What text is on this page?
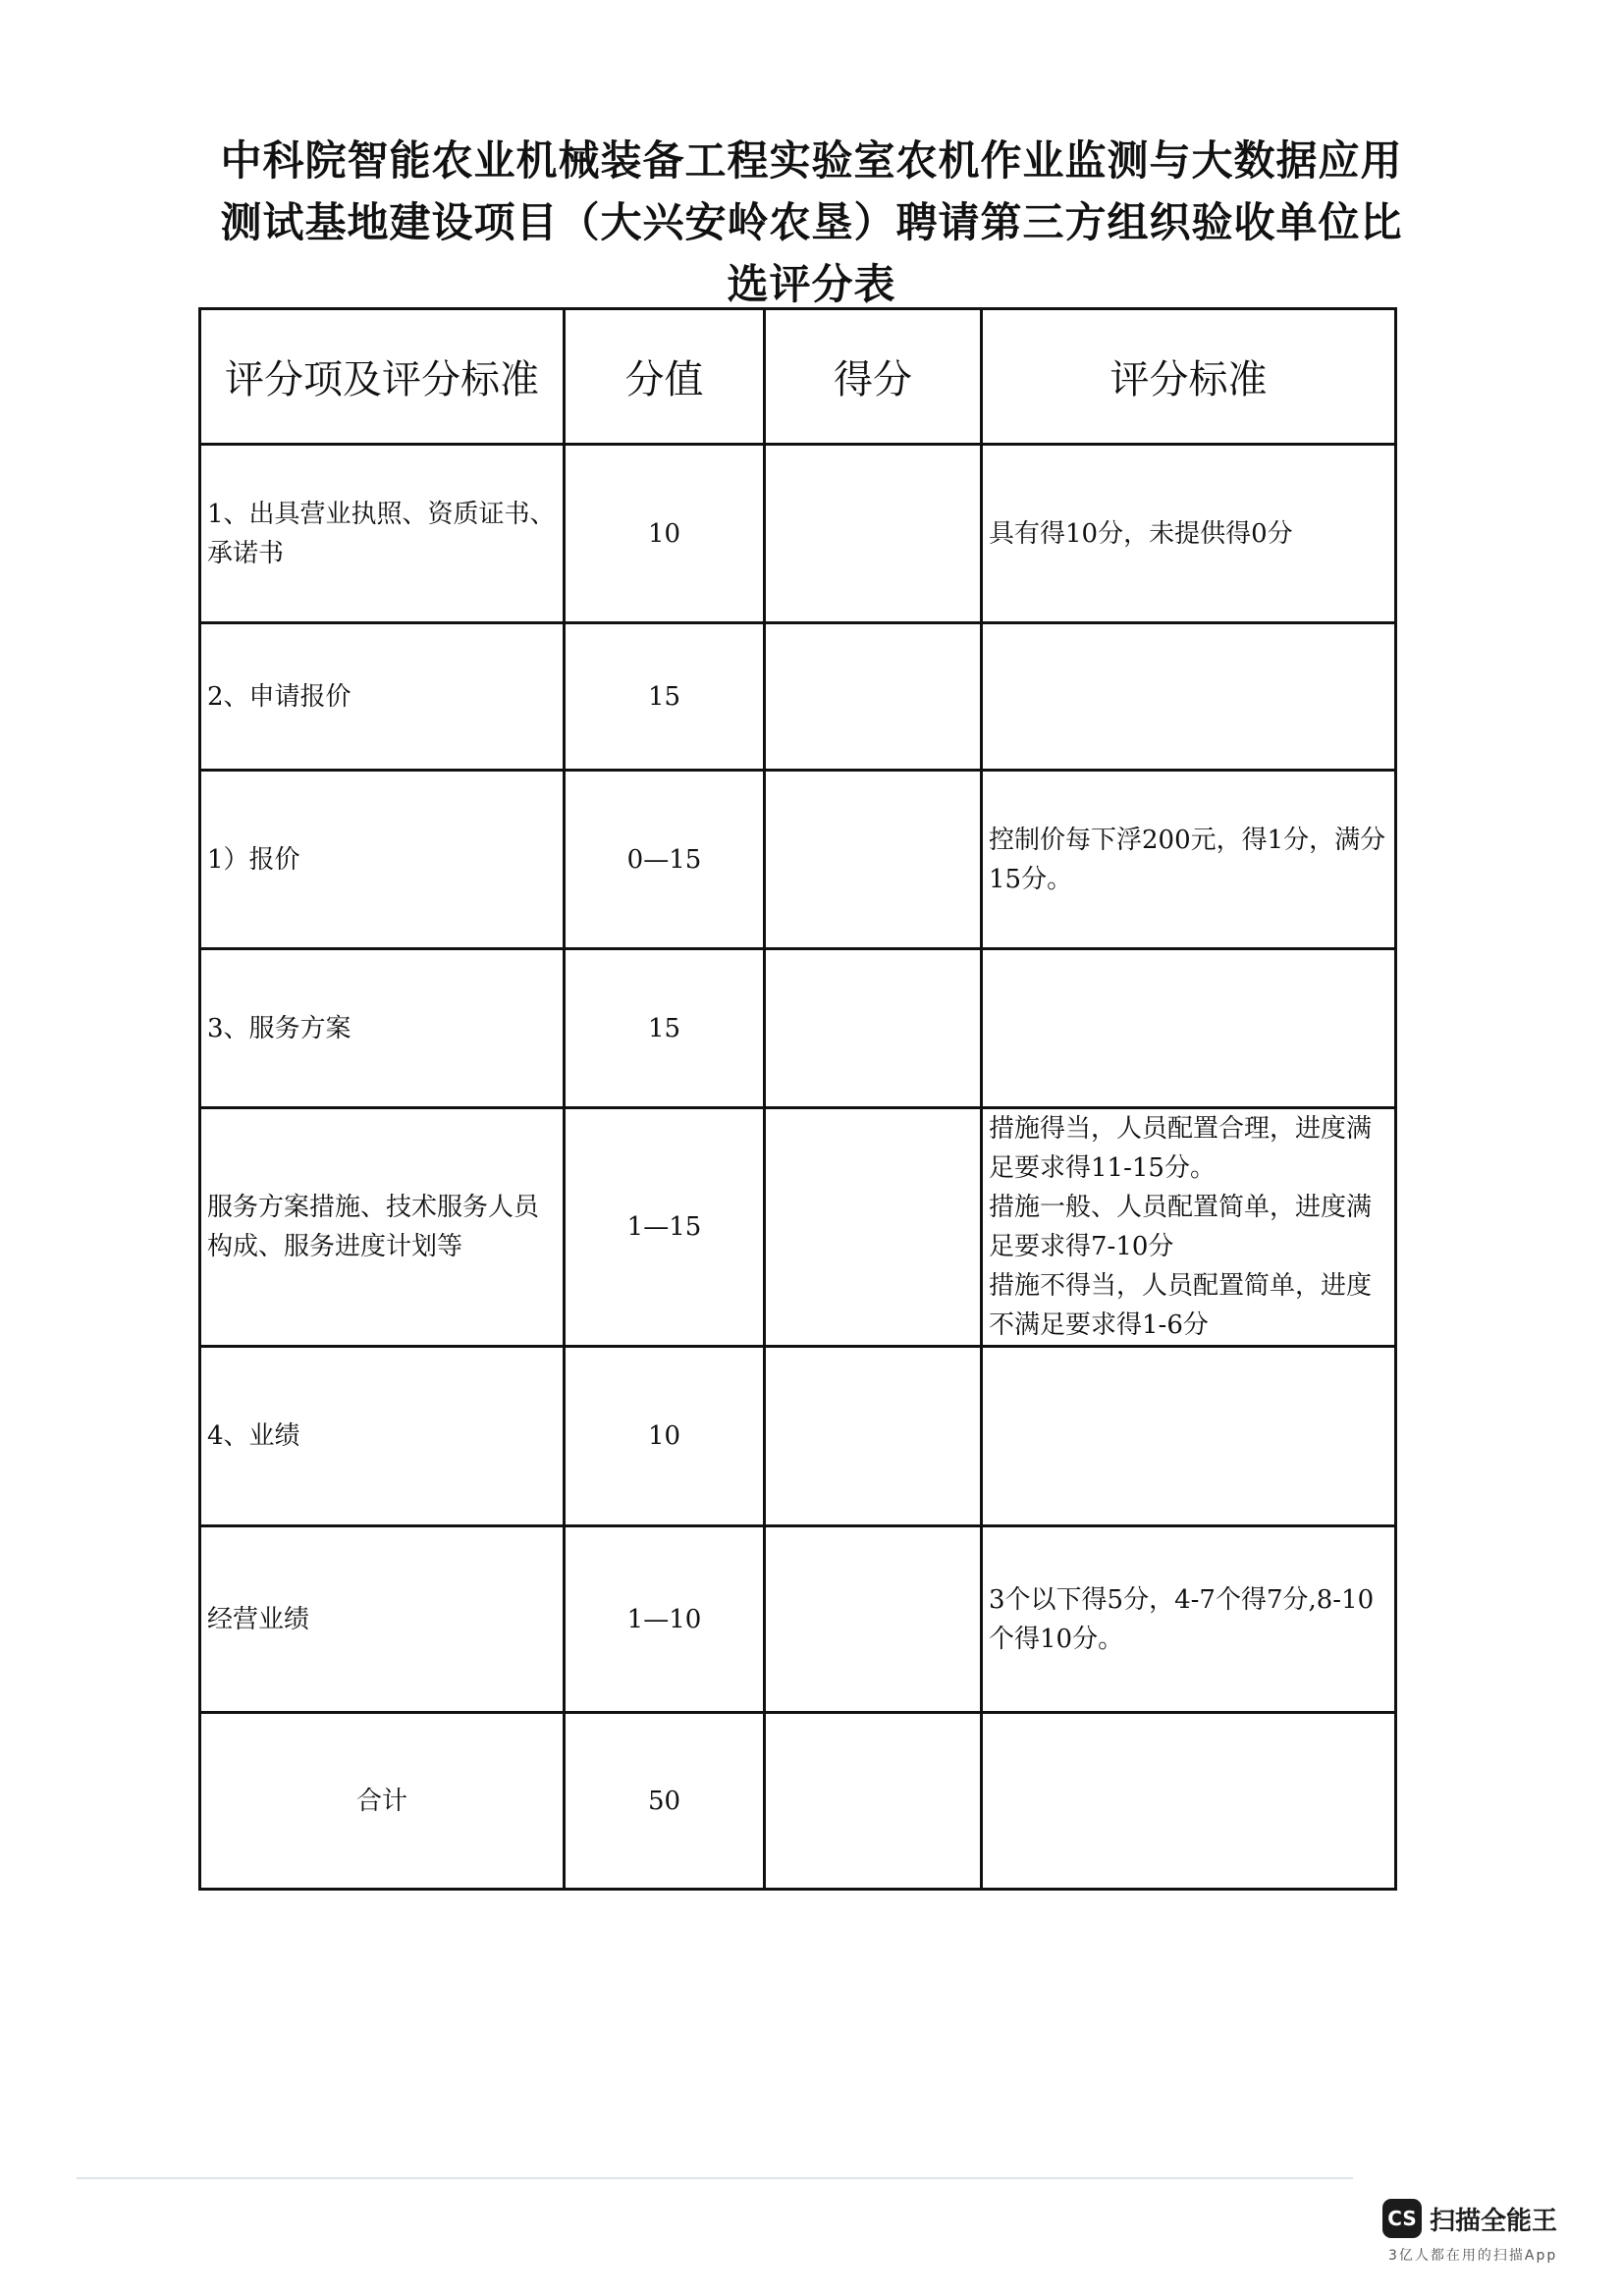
中科院智能农业机械装备工程实验室农机作业监测与大数据应用
测试基地建设项目（大兴安岭农垦）聘请第三方组织验收单位比
选评分表
评分项及评分标准	分值	得分	评分标准
1、出具营业执照、资质证书、承诺书	10		具有得10分，未提供得0分
2、申请报价	15		
1）报价	0—15		控制价每下浮200元，得1分，满分15分。
3、服务方案	15		
服务方案措施、技术服务人员构成、服务进度计划等	1—15		措施得当，人员配置合理，进度满足要求得11-15分。
措施一般、人员配置简单，进度满足要求得7-10分
措施不得当，人员配置简单，进度不满足要求得1-6分

4、业绩	10		
经营业绩	1—10		3个以下得5分，4-7个得7分,8-10个得10分。
合计	50		
CS 扫描全能王
3亿人都在用的扫描App
